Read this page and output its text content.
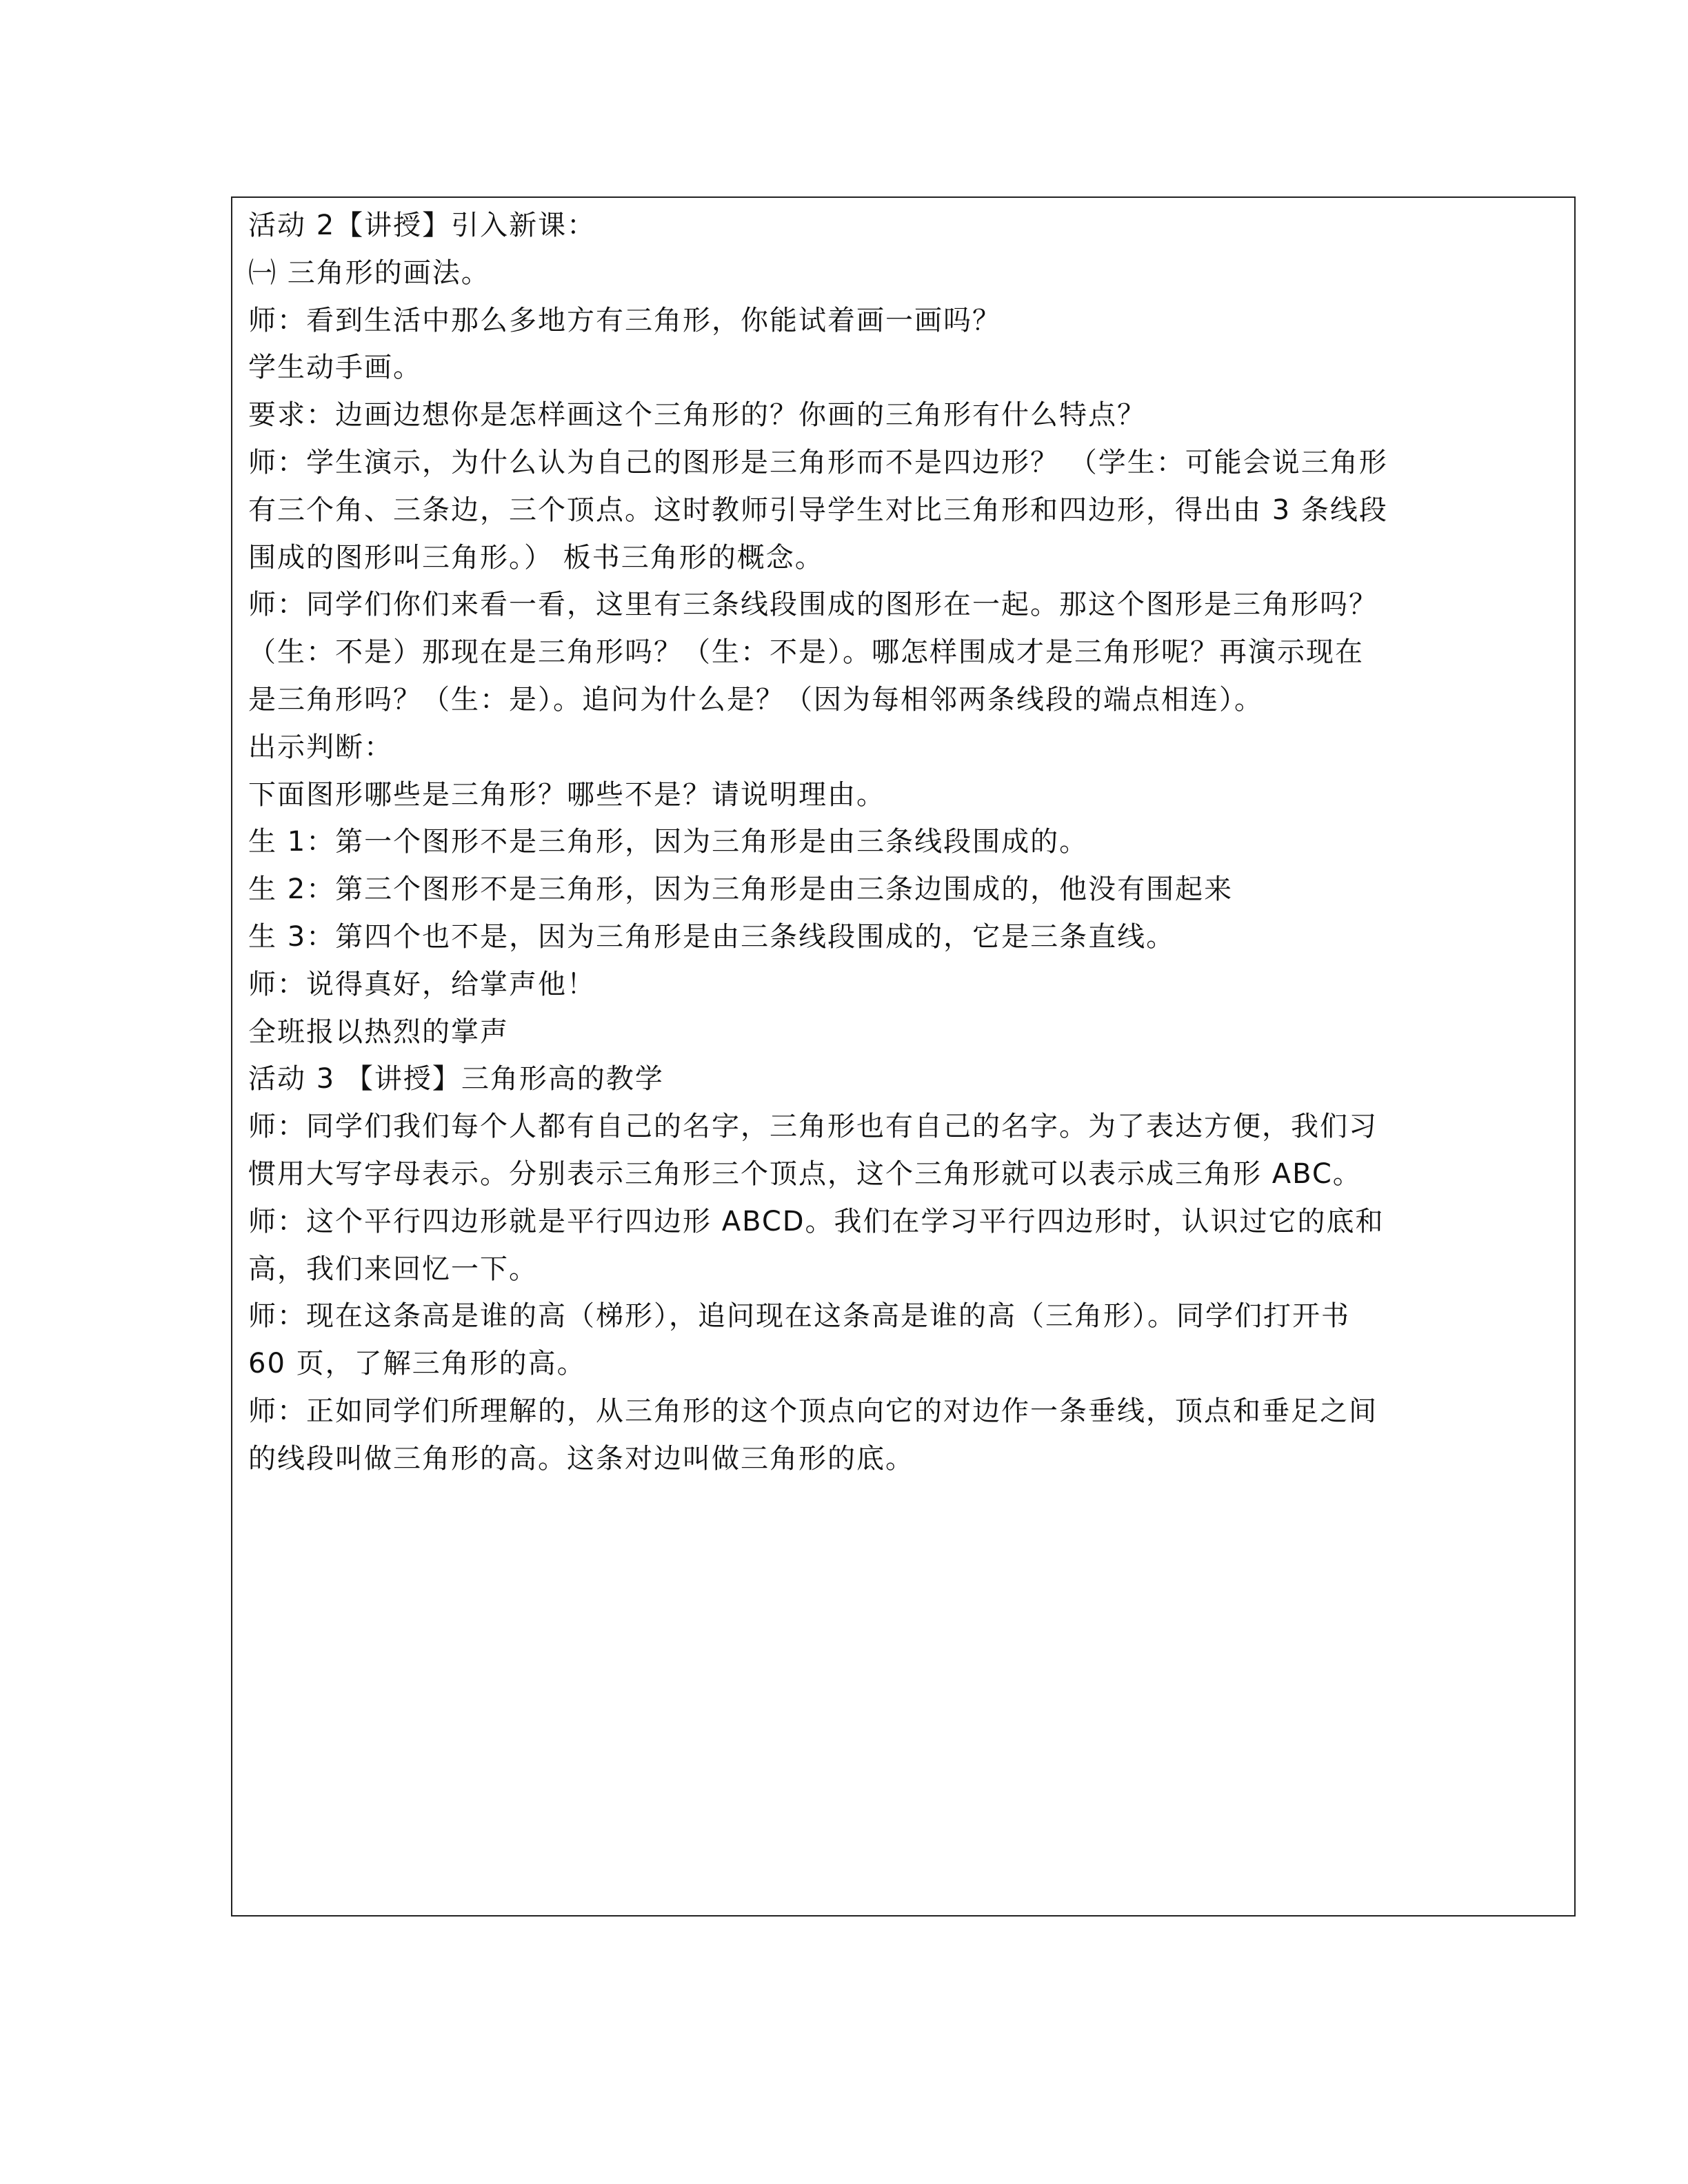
活动 2【讲授】引入新课：
㈠ 三角形的画法。
师：看到生活中那么多地方有三角形，你能试着画一画吗？
学生动手画。
要求：边画边想你是怎样画这个三角形的？你画的三角形有什么特点？
师：学生演示，为什么认为自己的图形是三角形而不是四边形？ （学生：可能会说三角形
有三个角、三条边，三个顶点。这时教师引导学生对比三角形和四边形，得出由 3 条线段
围成的图形叫三角形。） 板书三角形的概念。
师：同学们你们来看一看，这里有三条线段围成的图形在一起。那这个图形是三角形吗？
（生：不是）那现在是三角形吗？（生：不是）。哪怎样围成才是三角形呢？再演示现在
是三角形吗？（生：是）。追问为什么是？（因为每相邻两条线段的端点相连）。
出示判断：
下面图形哪些是三角形？哪些不是？请说明理由。
生 1：第一个图形不是三角形，因为三角形是由三条线段围成的。
生 2：第三个图形不是三角形，因为三角形是由三条边围成的，他没有围起来
生 3：第四个也不是，因为三角形是由三条线段围成的，它是三条直线。
师：说得真好，给掌声他！
全班报以热烈的掌声
活动 3 【讲授】三角形高的教学
师：同学们我们每个人都有自己的名字，三角形也有自己的名字。为了表达方便，我们习
惯用大写字母表示。分别表示三角形三个顶点，这个三角形就可以表示成三角形 ABC。
师：这个平行四边形就是平行四边形 ABCD。我们在学习平行四边形时，认识过它的底和
高，我们来回忆一下。
师：现在这条高是谁的高（梯形），追问现在这条高是谁的高（三角形）。同学们打开书
60 页，了解三角形的高。
师：正如同学们所理解的，从三角形的这个顶点向它的对边作一条垂线，顶点和垂足之间
的线段叫做三角形的高。这条对边叫做三角形的底。
